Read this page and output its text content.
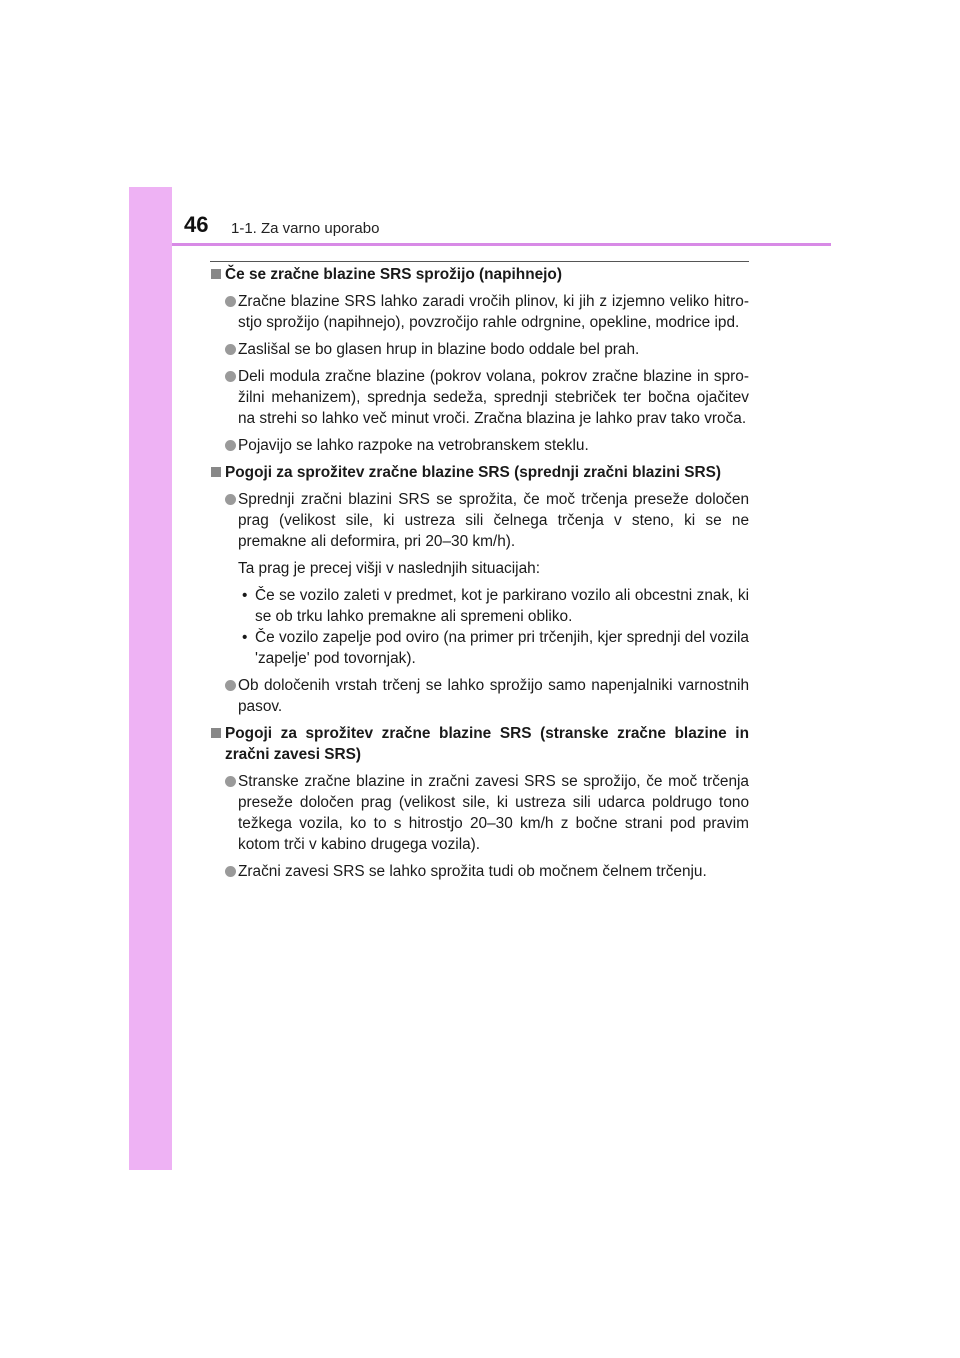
46 1-1. Za varno uporabo
Če se zračne blazine SRS sprožijo (napihnejo)
Zračne blazine SRS lahko zaradi vročih plinov, ki jih z izjemno veliko hitro-stjo sprožijo (napihnejo), povzročijo rahle odrgnine, opekline, modrice ipd.
Zaslišal se bo glasen hrup in blazine bodo oddale bel prah.
Deli modula zračne blazine (pokrov volana, pokrov zračne blazine in spro-žilni mehanizem), sprednja sedeža, sprednji stebriček ter bočna ojačitev na strehi so lahko več minut vroči. Zračna blazina je lahko prav tako vroča.
Pojavijo se lahko razpoke na vetrobranskem steklu.
Pogoji za sprožitev zračne blazine SRS (sprednji zračni blazini SRS)
Sprednji zračni blazini SRS se sprožita, če moč trčenja preseže določen prag (velikost sile, ki ustreza sili čelnega trčenja v steno, ki se ne premakne ali deformira, pri 20–30 km/h).
Ta prag je precej višji v naslednjih situacijah:
• Če se vozilo zaleti v predmet, kot je parkirano vozilo ali obcestni znak, ki se ob trku lahko premakne ali spremeni obliko.
• Če vozilo zapelje pod oviro (na primer pri trčenjih, kjer sprednji del vozila 'zapelje' pod tovornjak).
Ob določenih vrstah trčenj se lahko sprožijo samo napenjalniki varnostnih pasov.
Pogoji za sprožitev zračne blazine SRS (stranske zračne blazine in zračni zavesi SRS)
Stranske zračne blazine in zračni zavesi SRS se sprožijo, če moč trčenja preseže določen prag (velikost sile, ki ustreza sili udarca poldrugo tono težkega vozila, ko to s hitrostjo 20–30 km/h z bočne strani pod pravim kotom trči v kabino drugega vozila).
Zračni zavesi SRS se lahko sprožita tudi ob močnem čelnem trčenju.
